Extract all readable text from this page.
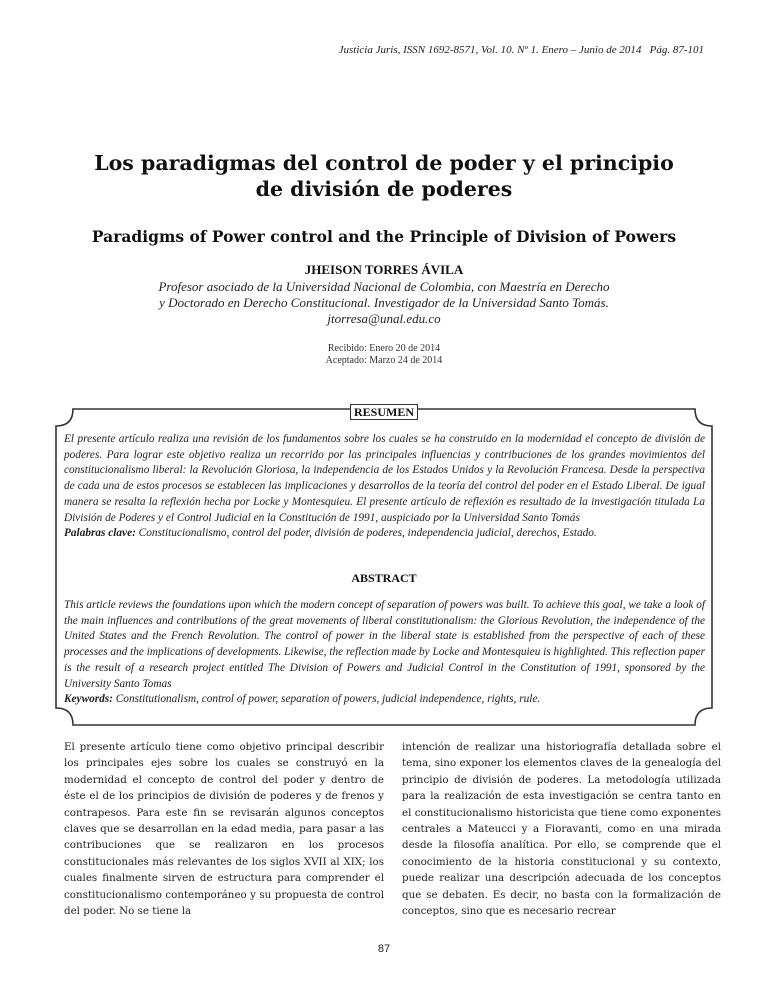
Justicia Juris, ISSN 1692-8571, Vol. 10. Nº 1. Enero – Junio de 2014   Pág. 87-101
Los paradigmas del control de poder y el principio
de división de poderes
Paradigms of Power control and the Principle of Division of Powers
JHEISON TORRES ÁVILA
Profesor asociado de la Universidad Nacional de Colombia, con Maestría en Derecho
y Doctorado en Derecho Constitucional. Investigador de la Universidad Santo Tomás.
jtorresa@unal.edu.co
Recibido: Enero 20 de 2014
Aceptado: Marzo 24 de 2014
RESUMEN
El presente artículo realiza una revisión de los fundamentos sobre los cuales se ha construido en la modernidad el concepto de división de poderes. Para lograr este objetivo realiza un recorrido por las principales influencias y contribuciones de los grandes movimientos del constitucionalismo liberal: la Revolución Gloriosa, la independencia de los Estados Unidos y la Revolución Francesa. Desde la perspectiva de cada una de estos procesos se establecen las implicaciones y desarrollos de la teoría del control del poder en el Estado Liberal. De igual manera se resalta la reflexión hecha por Locke y Montesquieu. El presente artículo de reflexión es resultado de la investigación titulada La División de Poderes y el Control Judicial en la Constitución de 1991, auspiciado por la Universidad Santo Tomás
Palabras clave: Constitucionalismo, control del poder, división de poderes, independencia judicial, derechos, Estado.
ABSTRACT
This article reviews the foundations upon which the modern concept of separation of powers was built. To achieve this goal, we take a look of the main influences and contributions of the great movements of liberal constitutionalism: the Glorious Revolution, the independence of the United States and the French Revolution. The control of power in the liberal state is established from the perspective of each of these processes and the implications of developments. Likewise, the reflection made by Locke and Montesquieu is highlighted. This reflection paper is the result of a research project entitled The Division of Powers and Judicial Control in the Constitution of 1991, sponsored by the University Santo Tomas
Keywords: Constitutionalism, control of power, separation of powers, judicial independence, rights, rule.
El presente artículo tiene como objetivo principal describir los principales ejes sobre los cuales se construyó en la modernidad el concepto de control del poder y dentro de éste el de los principios de división de poderes y de frenos y contrapesos. Para este fin se revisarán algunos conceptos claves que se desarrollan en la edad media, para pasar a las contribuciones que se realizaron en los procesos constitucionales más relevantes de los siglos XVII al XIX; los cuales finalmente sirven de estructura para comprender el constitucionalismo contemporáneo y su propuesta de control del poder. No se tiene la
intención de realizar una historiografía detallada sobre el tema, sino exponer los elementos claves de la genealogía del principio de división de poderes. La metodología utilizada para la realización de esta investigación se centra tanto en el constitucionalismo historicista que tiene como exponentes centrales a Mateucci y a Fioravanti, como en una mirada desde la filosofía analítica. Por ello, se comprende que el conocimiento de la historia constitucional y su contexto, puede realizar una descripción adecuada de los conceptos que se debaten. Es decir, no basta con la formalización de conceptos, sino que es necesario recrear
87
